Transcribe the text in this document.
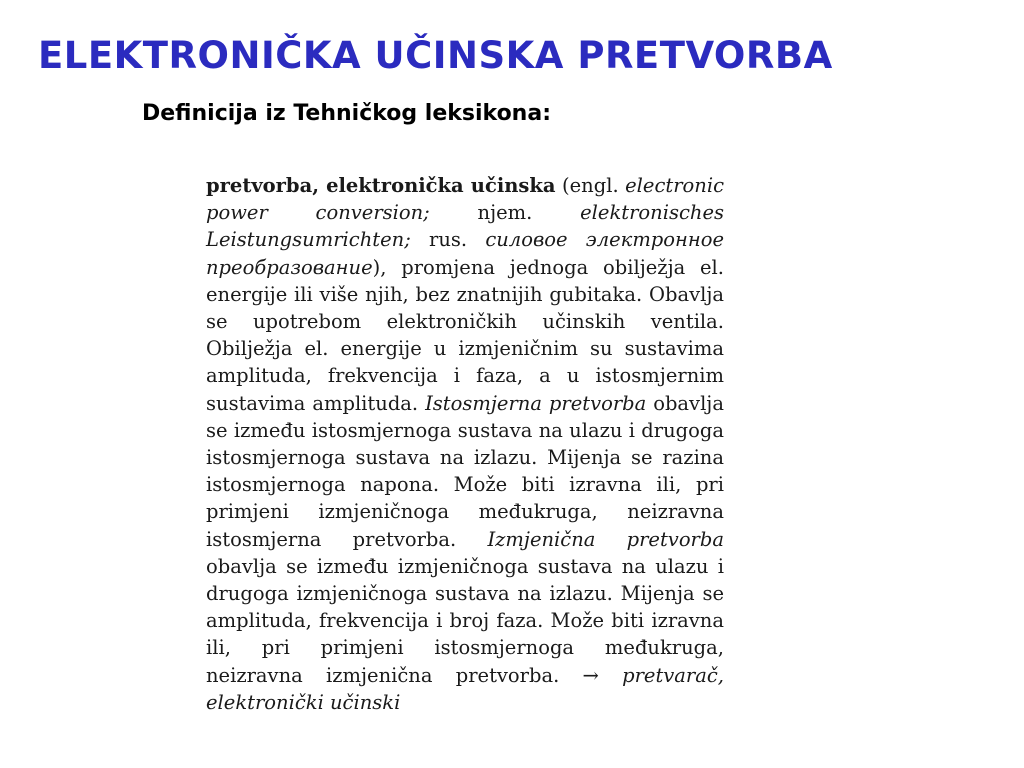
ELEKTRONIČKA UČINSKA PRETVORBA
Definicija iz Tehničkog leksikona:
pretvorba, elektronička učinska (engl. electronic power conversion; njem. elektronisches Leistungsumrichten; rus. силовое электронное преобразование), promjena jednoga obilježja el. energije ili više njih, bez znatnijih gubitaka. Obavlja se upotrebom elektroničkih učinskih ventila. Obilježja el. energije u izmjeničnim su sustavima amplituda, frekvencija i faza, a u istosmjernim sustavima amplituda. Istosmjerna pretvorba obavlja se između istosmjernoga sustava na ulazu i drugoga istosmjernoga sustava na izlazu. Mijenja se razina istosmjernoga napona. Može biti izravna ili, pri primjeni izmjeničnoga međukruga, neizravna istosmjerna pretvorba. Izmjenična pretvorba obavlja se između izmjeničnoga sustava na ulazu i drugoga izmjeničnoga sustava na izlazu. Mijenja se amplituda, frekvencija i broj faza. Može biti izravna ili, pri primjeni istosmjernoga međukruga, neizravna izmjenična pretvorba. → pretvarač, elektronički učinski
